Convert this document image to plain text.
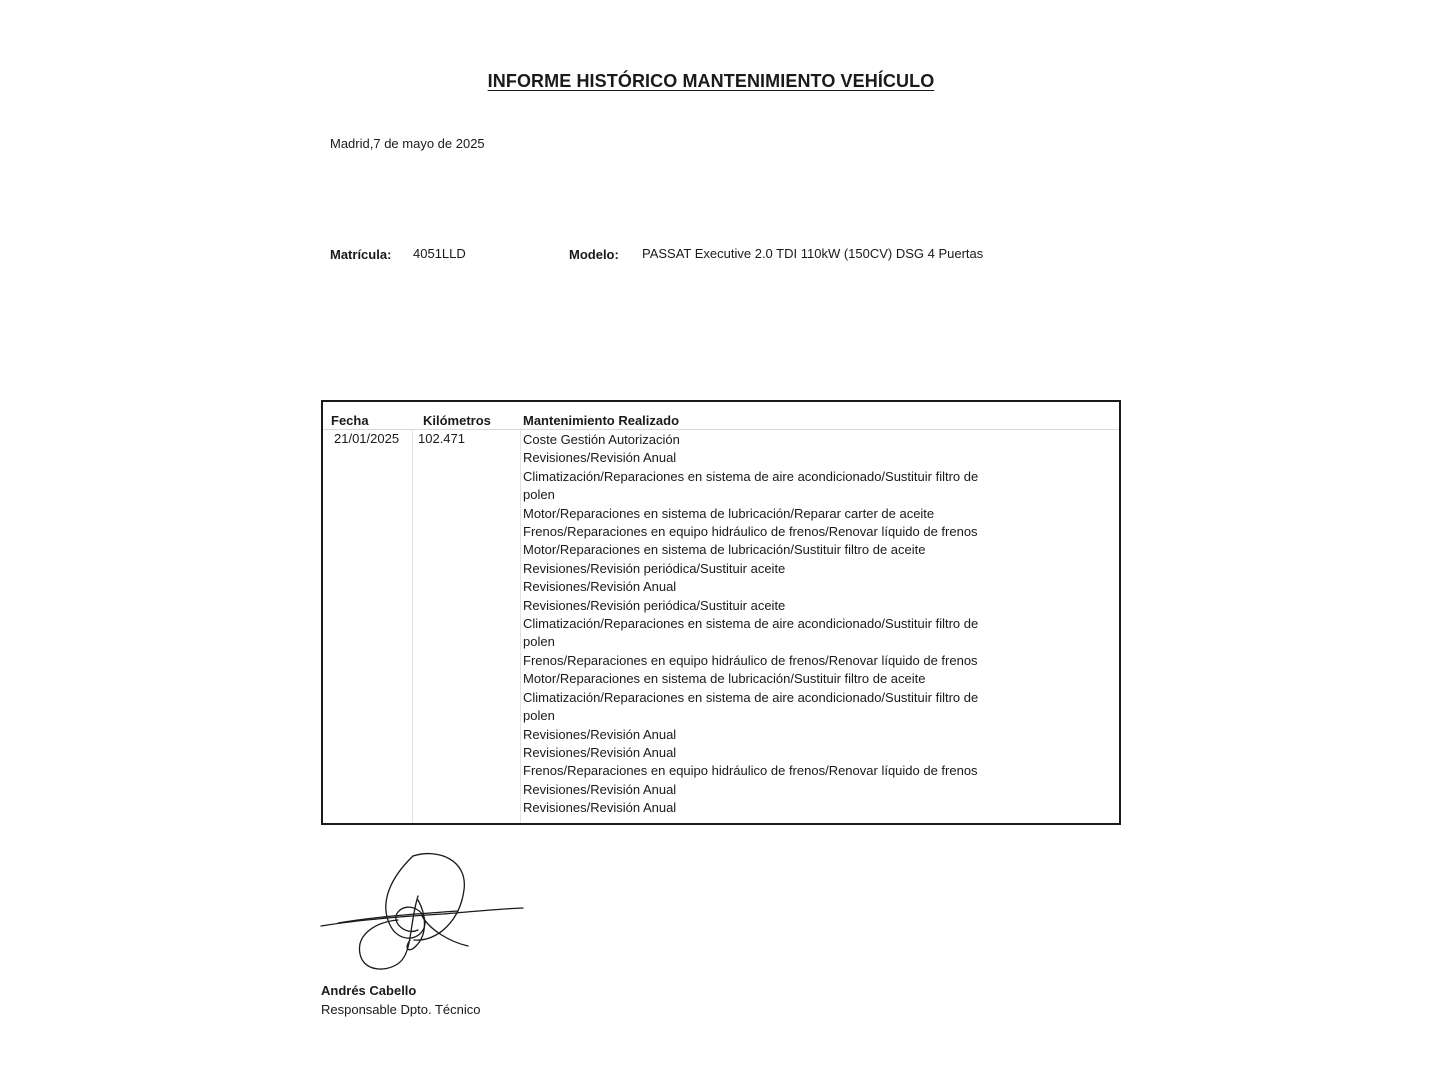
INFORME HISTÓRICO MANTENIMIENTO VEHÍCULO
Madrid,7 de mayo de 2025
Matrícula: 4051LLD	Modelo: PASSAT Executive 2.0 TDI 110kW (150CV) DSG 4 Puertas
Fecha	Kilómetros Mantenimiento Realizado
21/01/2025 102.471	Coste Gestión Autorización
Revisiones/Revisión Anual
Climatización/Reparaciones en sistema de aire acondicionado/Sustituir filtro de polen
Motor/Reparaciones en sistema de lubricación/Reparar carter de aceite
Frenos/Reparaciones en equipo hidráulico de frenos/Renovar líquido de frenos
Motor/Reparaciones en sistema de lubricación/Sustituir filtro de aceite
Revisiones/Revisión periódica/Sustituir aceite
Revisiones/Revisión Anual
Revisiones/Revisión periódica/Sustituir aceite
Climatización/Reparaciones en sistema de aire acondicionado/Sustituir filtro de polen
Frenos/Reparaciones en equipo hidráulico de frenos/Renovar líquido de frenos
Motor/Reparaciones en sistema de lubricación/Sustituir filtro de aceite
Climatización/Reparaciones en sistema de aire acondicionado/Sustituir filtro de polen
Revisiones/Revisión Anual
Revisiones/Revisión Anual
Frenos/Reparaciones en equipo hidráulico de frenos/Renovar líquido de frenos
Revisiones/Revisión Anual
Revisiones/Revisión Anual
Andrés Cabello
Responsable Dpto. Técnico
